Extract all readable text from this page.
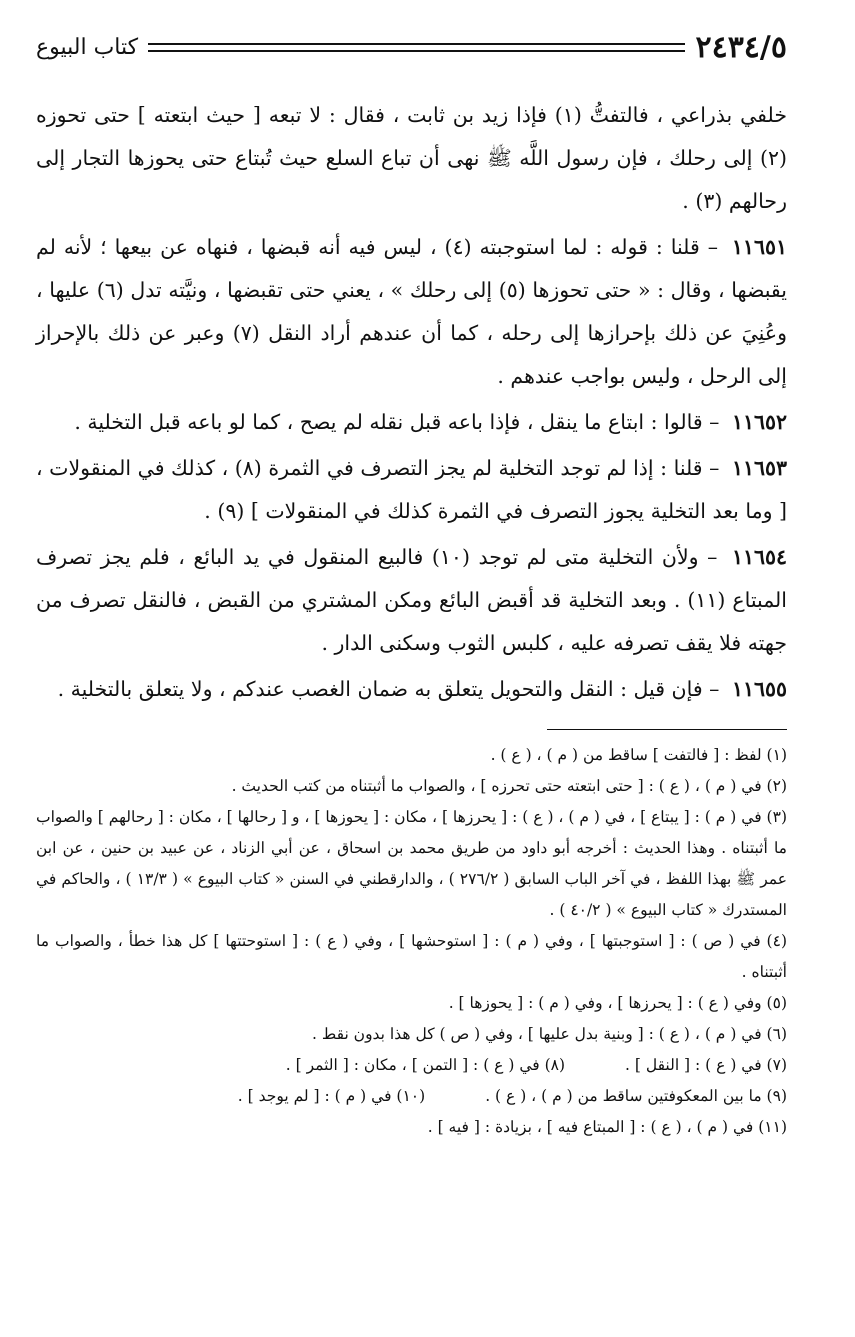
٢٤٣٤/٥
كتاب البيوع

خلفي بذراعي ، فالتفتُّ (١) فإذا زيد بن ثابت ، فقال : لا تبعه [ حيث ابتعته ] حتى تحوزه (٢) إلى رحلك ، فإن رسول اللَّه ﷺ نهى أن تباع السلع حيث تُبتاع حتى يحوزها التجار إلى رحالهم (٣) .

١١٦٥١ – قلنا : قوله : لما استوجبته (٤) ، ليس فيه أنه قبضها ، فنهاه عن بيعها ؛ لأنه لم يقبضها ، وقال : « حتى تحوزها (٥) إلى رحلك » ، يعني حتى تقبضها ، ونيَّته تدل (٦) عليها ، وعُنِيَ عن ذلك بإحرازها إلى رحله ، كما أن عندهم أراد النقل (٧) وعبر عن ذلك بالإحراز إلى الرحل ، وليس بواجب عندهم .

١١٦٥٢ – قالوا : ابتاع ما ينقل ، فإذا باعه قبل نقله لم يصح ، كما لو باعه قبل التخلية .

١١٦٥٣ – قلنا : إذا لم توجد التخلية لم يجز التصرف في الثمرة (٨) ، كذلك في المنقولات ، [ وما بعد التخلية يجوز التصرف في الثمرة كذلك في المنقولات ] (٩) .

١١٦٥٤ – ولأن التخلية متى لم توجد (١٠) فالبيع المنقول في يد البائع ، فلم يجز تصرف المبتاع (١١) . وبعد التخلية قد أقبض البائع ومكن المشتري من القبض ، فالنقل تصرف من جهته فلا يقف تصرفه عليه ، كلبس الثوب وسكنى الدار .

١١٦٥٥ – فإن قيل : النقل والتحويل يتعلق به ضمان الغصب عندكم ، ولا يتعلق بالتخلية .

(١) لفظ : [ فالتفت ] ساقط من ( م ) ، ( ع ) .

(٢) في ( م ) ، ( ع ) : [ حتى ابتعته حتى تحرزه ] ، والصواب ما أثبتناه من كتب الحديث .

(٣) في ( م ) : [ يبتاع ] ، في ( م ) ، ( ع ) : [ يحرزها ] ، مكان : [ يحوزها ] ، و [ رحالها ] ، مكان : [ رحالهم ] والصواب ما أثبتناه . وهذا الحديث : أخرجه أبو داود من طريق محمد بن اسحاق ، عن أبي الزناد ، عن عبيد بن حنين ، عن ابن عمر ﷺ بهذا اللفظ ، في آخر الباب السابق ( ٢٧٦/٢ ) ، والدارقطني في السنن « كتاب البيوع » ( ١٣/٣ ) ، والحاكم في المستدرك « كتاب البيوع » ( ٤٠/٢ ) .

(٤) في ( ص ) : [ استوجبتها ] ، وفي ( م ) : [ استوحشها ] ، وفي ( ع ) : [ استوحتتها ] كل هذا خطأ ، والصواب ما أثبتناه .

(٥) وفي ( ع ) : [ يحرزها ] ، وفي ( م ) : [ يحوزها ] .

(٦) في ( م ) ، ( ع ) : [ وبنية بدل عليها ] ، وفي ( ص ) كل هذا بدون نقط .

(٧) في ( ع ) : [ النقل ] .

(٨) في ( ع ) : [ التمن ] ، مكان : [ الثمر ] .

(٩) ما بين المعكوفتين ساقط من ( م ) ، ( ع ) .

(١٠) في ( م ) : [ لم يوجد ] .

(١١) في ( م ) ، ( ع ) : [ المبتاع فيه ] ، بزيادة : [ فيه ] .
